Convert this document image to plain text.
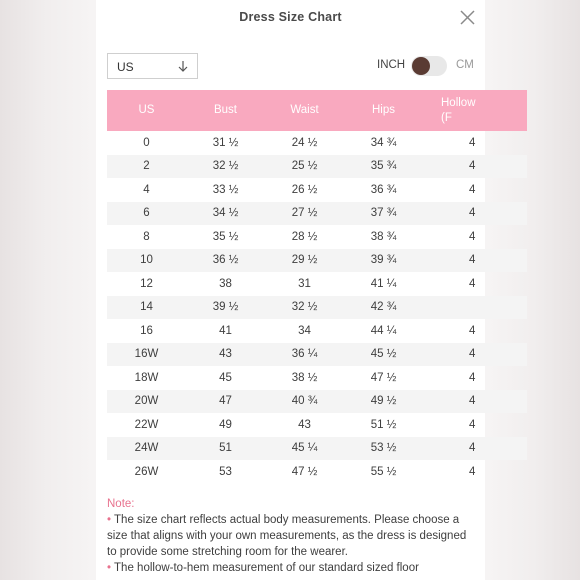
Dress Size Chart
US	INCH	CM
US	Bust	Waist	Hips	Hollow
(F
0	31 ½	24 ½	34 ¾	4
2	32 ½	25 ½	35 ¾	4
4	33 ½	26 ½	36 ¾	4
6	34 ½	27 ½	37 ¾	4
8	35 ½	28 ½	38 ¾	4
10	36 ½	29 ½	39 ¾	4
12	38	31	41 ¼	4
14	39 ½	32 ½	42 ¾	
16	41	34	44 ¼	4
16W	43	36 ¼	45 ½	4
18W	45	38 ½	47 ½	4
20W	47	40 ¾	49 ½	4
22W	49	43	51 ½	4
24W	51	45 ¼	53 ½	4
26W	53	47 ½	55 ½	4
Note:
• The size chart reflects actual body measurements. Please choose a size that aligns with your own measurements, as the dress is designed to provide some stretching room for the wearer.
• The hollow-to-hem measurement of our standard sized floor
